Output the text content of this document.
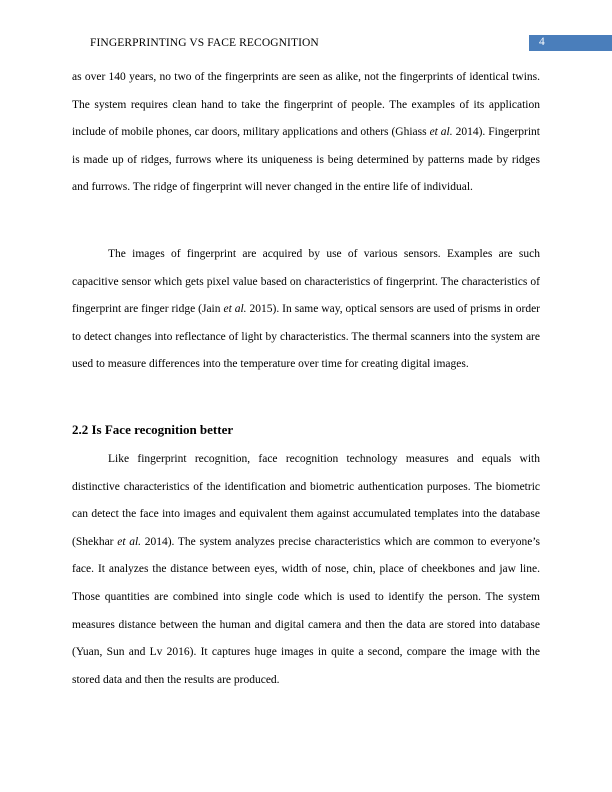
FINGERPRINTING VS FACE RECOGNITION	4

as over 140 years, no two of the fingerprints are seen as alike, not the fingerprints of identical twins. The system requires clean hand to take the fingerprint of people. The examples of its application include of mobile phones, car doors, military applications and others (Ghiass et al. 2014). Fingerprint is made up of ridges, furrows where its uniqueness is being determined by patterns made by ridges and furrows. The ridge of fingerprint will never changed in the entire life of individual.

The images of fingerprint are acquired by use of various sensors. Examples are such capacitive sensor which gets pixel value based on characteristics of fingerprint. The characteristics of fingerprint are finger ridge (Jain et al. 2015). In same way, optical sensors are used of prisms in order to detect changes into reflectance of light by characteristics. The thermal scanners into the system are used to measure differences into the temperature over time for creating digital images.

2.2 Is Face recognition better

Like fingerprint recognition, face recognition technology measures and equals with distinctive characteristics of the identification and biometric authentication purposes. The biometric can detect the face into images and equivalent them against accumulated templates into the database (Shekhar et al. 2014). The system analyzes precise characteristics which are common to everyone’s face. It analyzes the distance between eyes, width of nose, chin, place of cheekbones and jaw line. Those quantities are combined into single code which is used to identify the person. The system measures distance between the human and digital camera and then the data are stored into database (Yuan, Sun and Lv 2016). It captures huge images in quite a second, compare the image with the stored data and then the results are produced.
